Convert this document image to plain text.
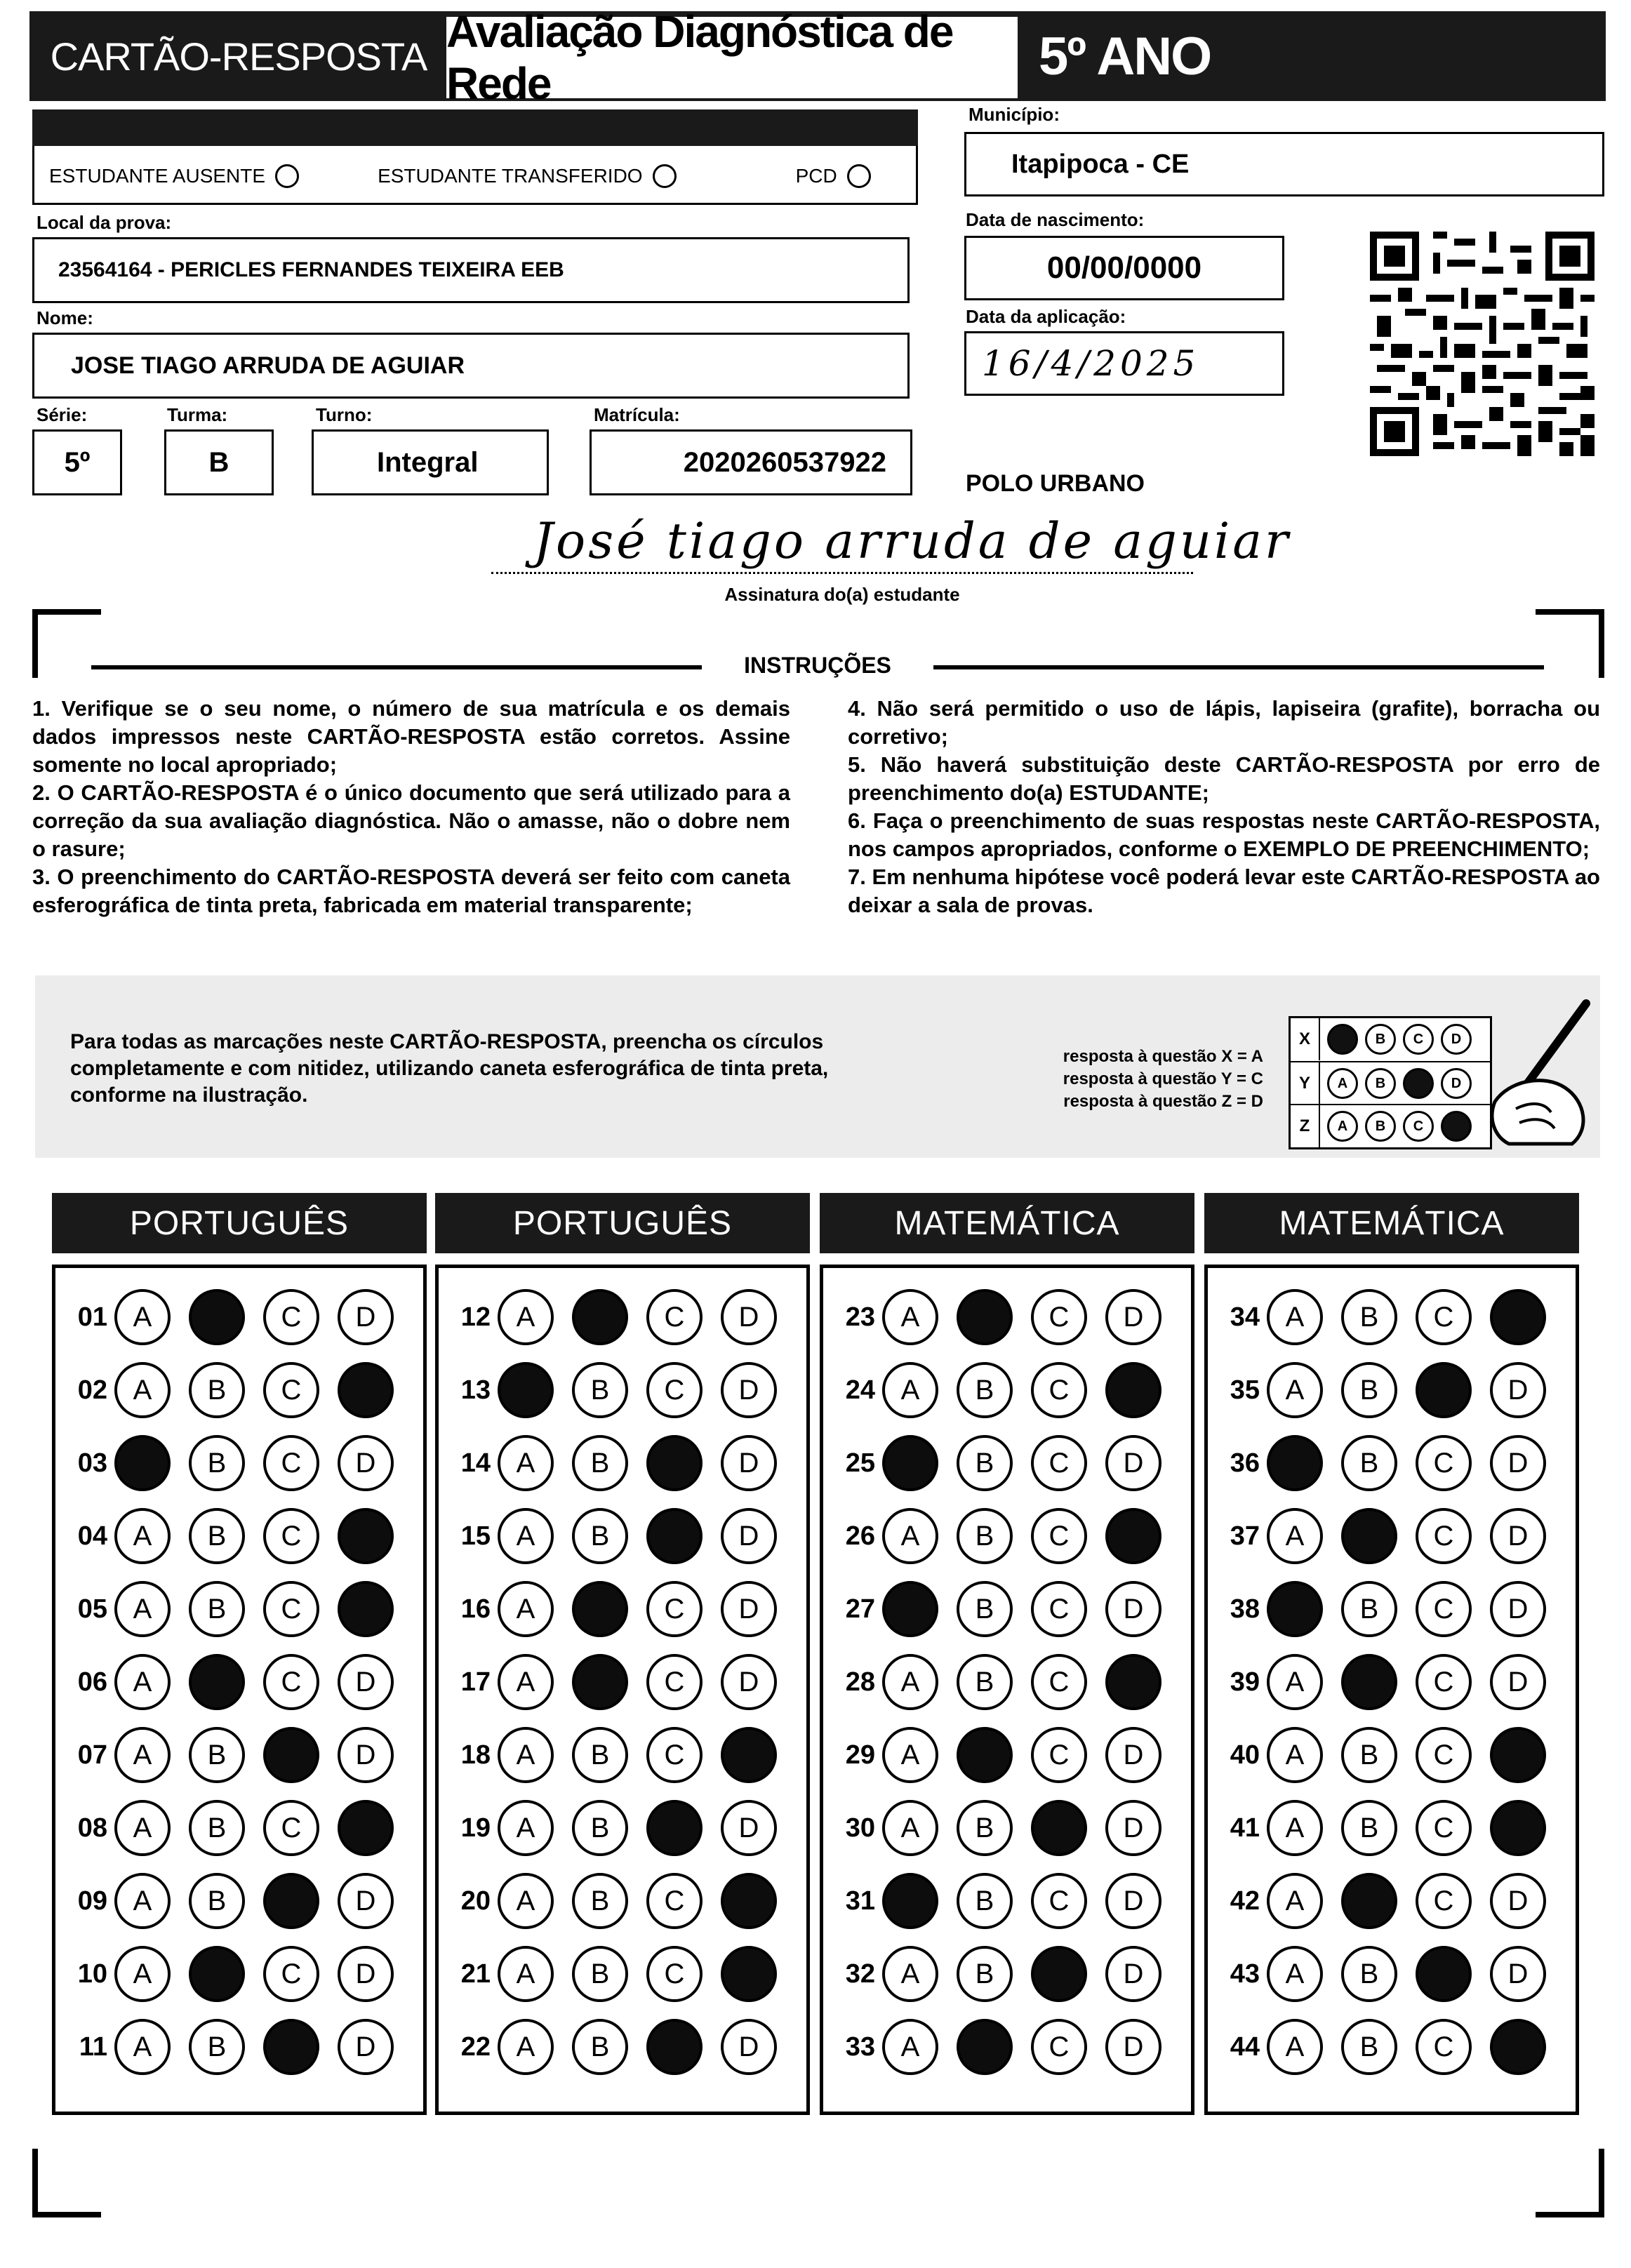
CARTÃO-RESPOSTA Avaliação Diagnóstica de Rede	5º ANO
ESTUDANTE AUSENTE	ESTUDANTE TRANSFERIDO	PCD
Município:
Itapipoca - CE
Local da prova:
23564164 - PERICLES FERNANDES TEIXEIRA EEB
Data de nascimento:
00/00/0000
Data da aplicação:
16/4/2025
Nome:
JOSE TIAGO ARRUDA DE AGUIAR
Série:
5º
Turma:
B
Turno:
Integral
Matrícula:
2020260537922
POLO URBANO
José tiago arruda de aguiar
Assinatura do(a) estudante
INSTRUÇÕES

1. Verifique se o seu nome, o número de sua matrícula e os demais dados impressos neste CARTÃO-RESPOSTA estão corretos. Assine somente no local apropriado;

2. O CARTÃO-RESPOSTA é o único documento que será utilizado para a correção da sua avaliação diagnóstica. Não o amasse, não o dobre nem o rasure;

3. O preenchimento do CARTÃO-RESPOSTA deverá ser feito com caneta esferográfica de tinta preta, fabricada em material transparente;

4. Não será permitido o uso de lápis, lapiseira (grafite), borracha ou corretivo;

5. Não haverá substituição deste CARTÃO-RESPOSTA por erro de preenchimento do(a) ESTUDANTE;

6. Faça o preenchimento de suas respostas neste CARTÃO-RESPOSTA, nos campos apropriados, conforme o EXEMPLO DE PREENCHIMENTO;

7. Em nenhuma hipótese você poderá levar este CARTÃO-RESPOSTA ao deixar a sala de provas.

Para todas as marcações neste CARTÃO-RESPOSTA, preencha os círculos completamente e com nitidez, utilizando caneta esferográfica de tinta preta, conforme na ilustração.
resposta à questão X = A
resposta à questão Y = C
resposta à questão Z = D
X	A	B	C	D
Y	A	B	C	D
Z	A	B	C	D
PORTUGUÊS
01 A	C D
02 A B C
03	B C D
04 A B C
05 A B C
06 A	C D
07 A B	D
08 A B C
09 A B	D
10 A	C D
11 A B	D
PORTUGUÊS
12 A	C D
13	B C D
14 A B	D
15 A B	D
16 A	C D
17 A	C D
18 A B C
19 A B	D
20 A B C
21 A B C
22 A B	D
MATEMÁTICA
23 A	C D
24 A B C
25	B C D
26 A B C
27	B C D
28 A B C
29 A	C D
30 A B	D
31	B C D
32 A B	D
33 A	C D
MATEMÁTICA
34 A B C
35 A B	D
36	B C D
37 A	C D
38	B C D
39 A	C D
40 A B C
41 A B C
42 A	C D
43 A B	D
44 A B C
